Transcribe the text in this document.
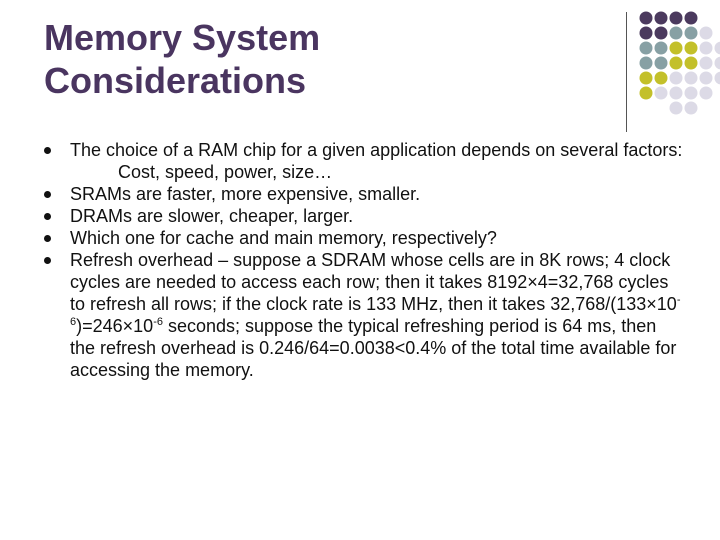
Memory System
Considerations
The choice of a RAM chip for a given application depends on several factors:
Cost, speed, power, size…
SRAMs are faster, more expensive, smaller.
DRAMs are slower, cheaper, larger.
Which one for cache and main memory, respectively?
Refresh overhead – suppose a SDRAM whose cells are in 8K rows; 4 clock cycles are needed to access each row; then it takes 8192×4=32,768 cycles to refresh all rows; if the clock rate is 133 MHz, then it takes $32,768/(133\times 10^{-6})=246\times 10^{-6}$ seconds; suppose the typical refreshing period is 64 ms, then the refresh overhead is 0.246/64=0.0038<0.4% of the total time available for accessing the memory.
